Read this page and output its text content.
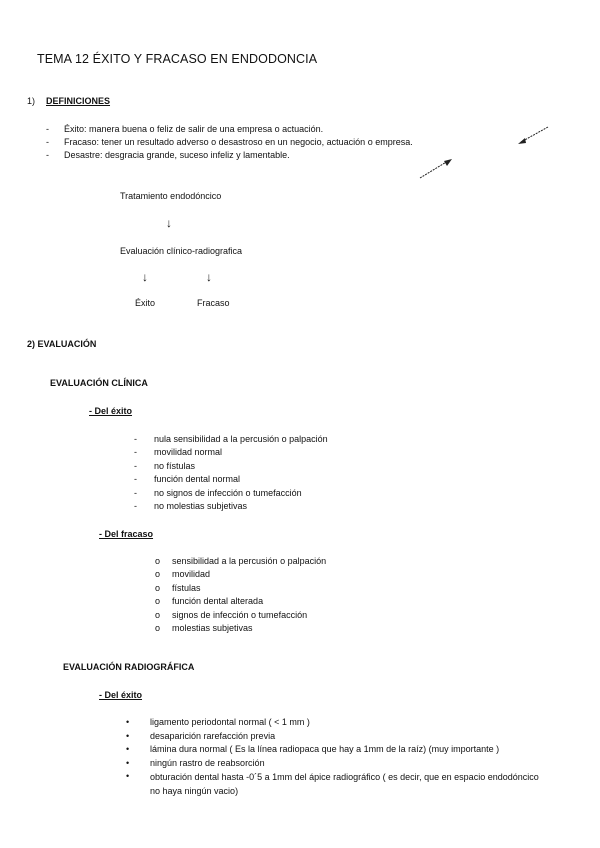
TEMA 12 ÉXITO Y FRACASO EN ENDODONCIA
1) DEFINICIONES
- Éxito: manera buena o feliz de salir de una empresa o actuación.
- Fracaso: tener un resultado adverso o desastroso en un negocio, actuación o empresa.
- Desastre: desgracia grande, suceso infeliz y lamentable.
Tratamiento endodóncico
↓
Evaluación clínico-radiografica
↓	↓
Éxito	Fracaso
2) EVALUACIÓN
EVALUACIÓN CLÍNICA
- Del éxito
- nula sensibilidad a la percusión o palpación
- movilidad normal
- no fístulas
- función dental normal
- no signos de infección o tumefacción
- no molestias subjetivas
- Del fracaso
o sensibilidad a la percusión o palpación
o movilidad
o fístulas
o función dental alterada
o signos de infección o tumefacción
o molestias subjetivas
EVALUACIÓN RADIOGRÁFICA
- Del éxito
• ligamento periodontal normal ( < 1 mm )
• desaparición rarefacción previa
• lámina dura normal ( Es la línea radiopaca que hay a 1mm de la raíz) (muy importante )
• ningún rastro de reabsorción
•	obturación dental hasta -0´5 a 1mm del ápice radiográfico ( es decir, que en espacio endodóncico no haya ningún vacio)
